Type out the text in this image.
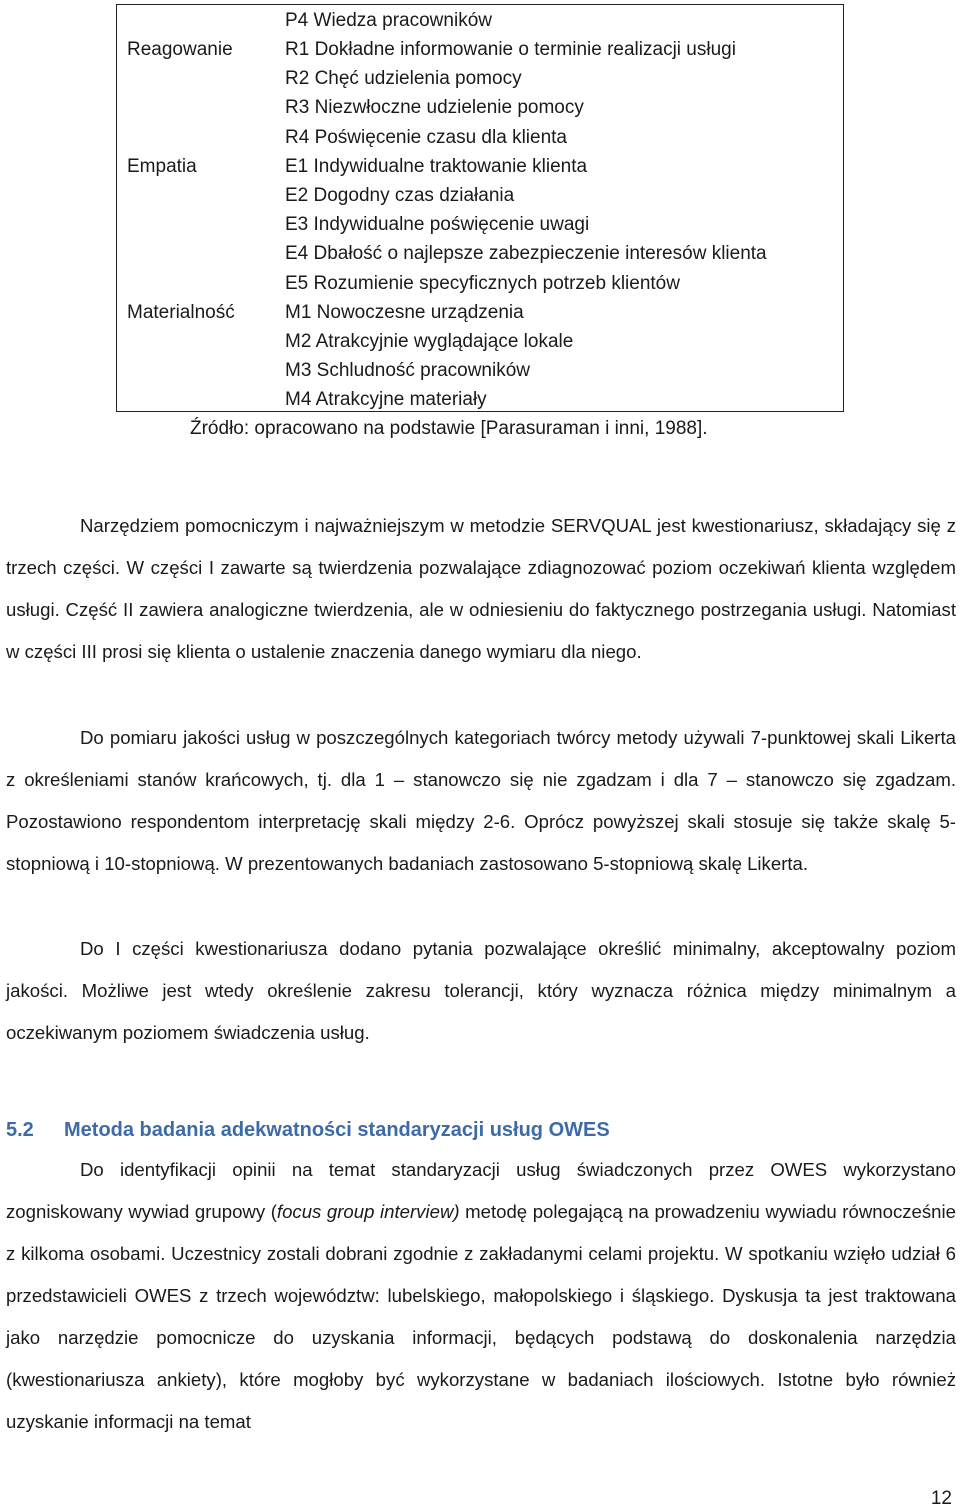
Reagowanie
Empatia
Materialność
P4 Wiedza pracowników
R1 Dokładne informowanie o terminie realizacji usługi
R2 Chęć udzielenia pomocy
R3 Niezwłoczne udzielenie pomocy
R4 Poświęcenie czasu dla klienta
E1 Indywidualne traktowanie klienta
E2 Dogodny czas działania
E3 Indywidualne poświęcenie uwagi
E4 Dbałość o najlepsze zabezpieczenie interesów klienta
E5 Rozumienie specyficznych potrzeb klientów
M1 Nowoczesne urządzenia
M2 Atrakcyjnie wyglądające lokale
M3 Schludność pracowników
M4 Atrakcyjne materiały
Źródło: opracowano na podstawie [Parasuraman i inni, 1988].

Narzędziem pomocniczym i najważniejszym w metodzie SERVQUAL jest kwestionariusz, składający się z trzech części. W części I zawarte są twierdzenia pozwalające zdiagnozować poziom oczekiwań klienta względem usługi. Część II zawiera analogiczne twierdzenia, ale w odniesieniu do faktycznego postrzegania usługi. Natomiast w części III prosi się klienta o ustalenie znaczenia danego wymiaru dla niego.

Do pomiaru jakości usług w poszczególnych kategoriach twórcy metody używali 7-punktowej skali Likerta z określeniami stanów krańcowych, tj. dla 1 – stanowczo się nie zgadzam i dla 7 – stanowczo się zgadzam. Pozostawiono respondentom interpretację skali między 2-6. Oprócz powyższej skali stosuje się także skalę 5-stopniową i 10-stopniową. W prezentowanych badaniach zastosowano 5-stopniową skalę Likerta.

Do I części kwestionariusza dodano pytania pozwalające określić minimalny, akceptowalny poziom jakości. Możliwe jest wtedy określenie zakresu tolerancji, który wyznacza różnica między minimalnym a oczekiwanym poziomem świadczenia usług.

5.2 Metoda badania adekwatności standaryzacji usług OWES

Do identyfikacji opinii na temat standaryzacji usług świadczonych przez OWES wykorzystano zogniskowany wywiad grupowy (focus group interview) metodę polegającą na prowadzeniu wywiadu równocześnie z kilkoma osobami. Uczestnicy zostali dobrani zgodnie z zakładanymi celami projektu. W spotkaniu wzięło udział 6 przedstawicieli OWES z trzech województw: lubelskiego, małopolskiego i śląskiego. Dyskusja ta jest traktowana jako narzędzie pomocnicze do uzyskania informacji, będących podstawą do doskonalenia narzędzia (kwestionariusza ankiety), które mogłoby być wykorzystane w badaniach ilościowych. Istotne było również uzyskanie informacji na temat

12
